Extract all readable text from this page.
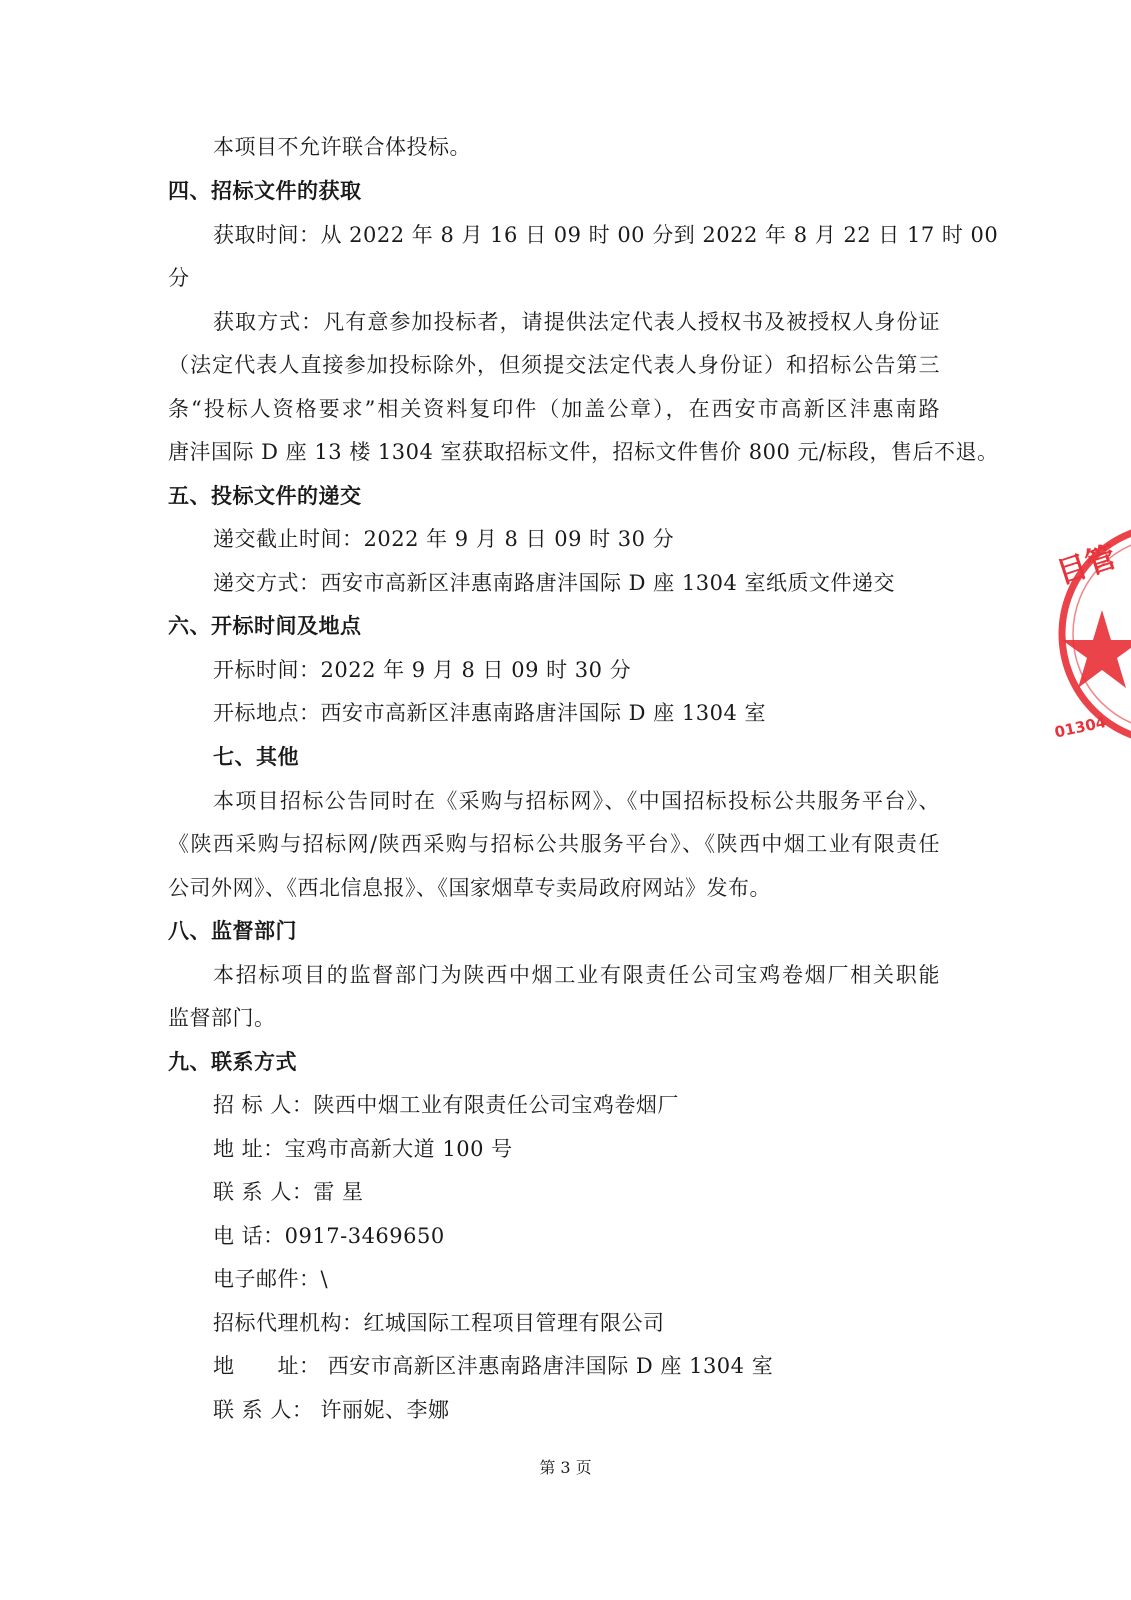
本项目不允许联合体投标。
四、招标文件的获取
获取时间：从 2022 年 8 月 16 日 09 时 00 分到 2022 年 8 月 22 日 17 时 00
分
获取方式：凡有意参加投标者，请提供法定代表人授权书及被授权人身份证
（法定代表人直接参加投标除外，但须提交法定代表人身份证）和招标公告第三
条“投标人资格要求”相关资料复印件（加盖公章），在西安市高新区沣惠南路
唐沣国际 D 座 13 楼 1304 室获取招标文件，招标文件售价 800 元/标段，售后不退。
五、投标文件的递交
递交截止时间：2022 年 9 月 8 日 09 时 30 分
递交方式：西安市高新区沣惠南路唐沣国际 D 座 1304 室纸质文件递交
六、开标时间及地点
开标时间：2022 年 9 月 8 日 09 时 30 分
开标地点：西安市高新区沣惠南路唐沣国际 D 座 1304 室
七、其他
本项目招标公告同时在《采购与招标网》、《中国招标投标公共服务平台》、
《陕西采购与招标网/陕西采购与招标公共服务平台》、《陕西中烟工业有限责任
公司外网》、《西北信息报》、《国家烟草专卖局政府网站》发布。
八、监督部门
本招标项目的监督部门为陕西中烟工业有限责任公司宝鸡卷烟厂相关职能
监督部门。
九、联系方式
招 标 人：陕西中烟工业有限责任公司宝鸡卷烟厂
地 址：宝鸡市高新大道 100 号
联 系 人：雷 星
电 话：0917-3469650
电子邮件：\
招标代理机构：红城国际工程项目管理有限公司
地      址： 西安市高新区沣惠南路唐沣国际 D 座 1304 室
联 系 人： 许丽妮、李娜
第 3 页
目管
01304
